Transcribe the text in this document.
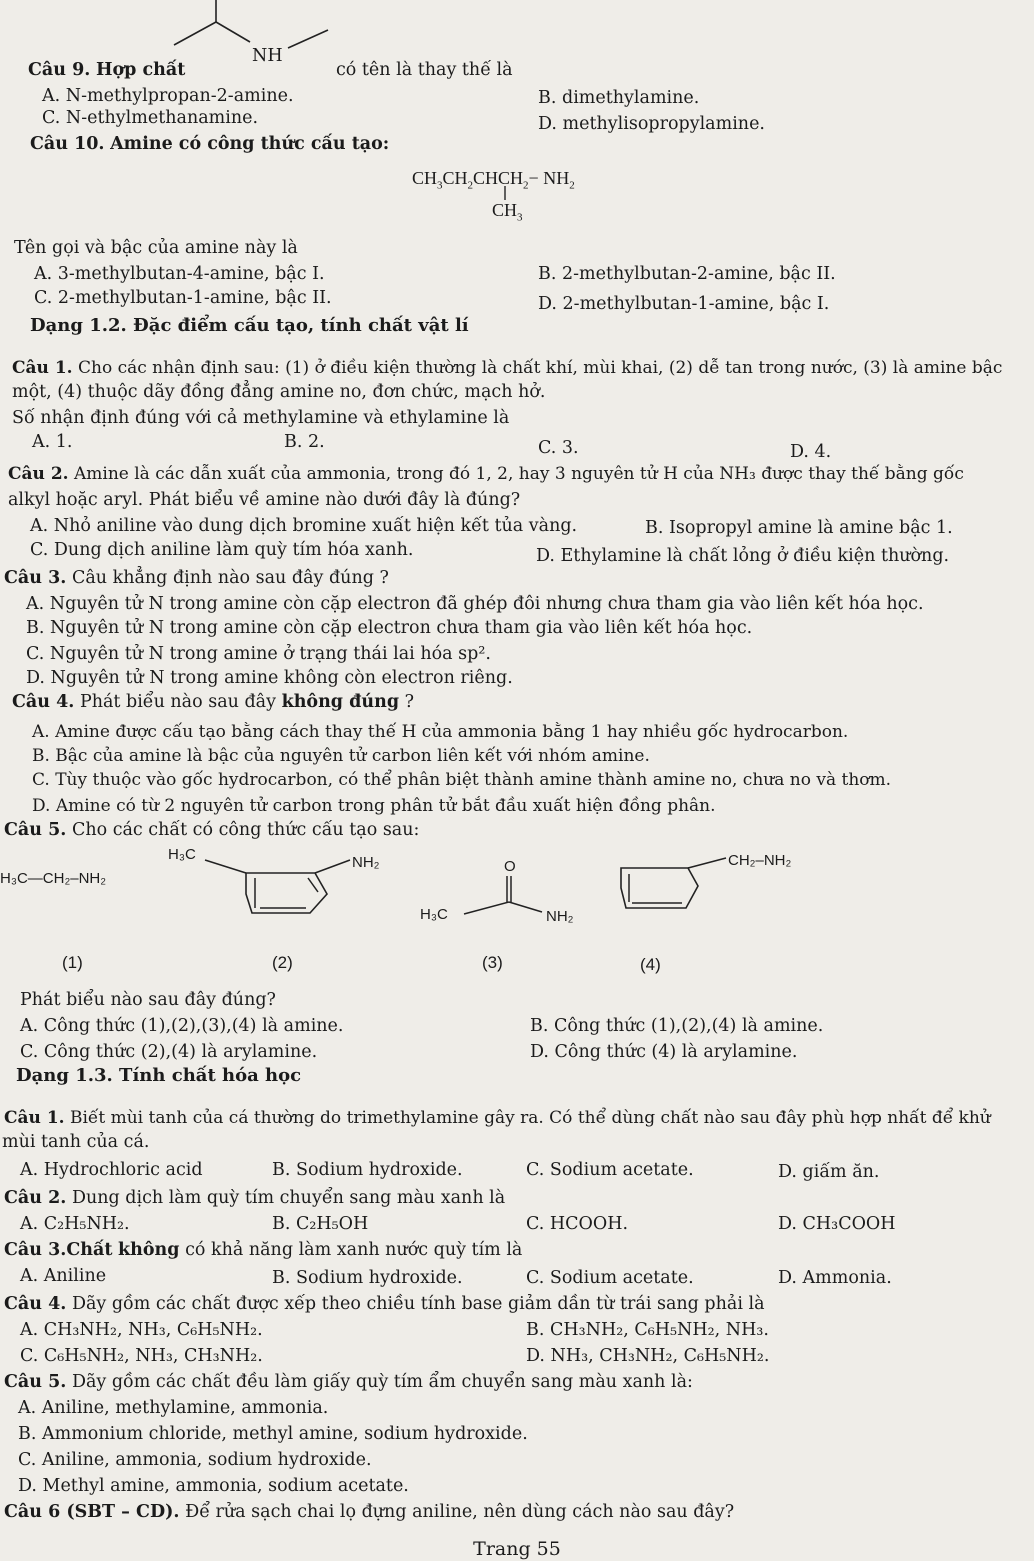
NH
Câu 9. Hợp chất	có tên là thay thế là
A. N-methylpropan-2-amine.	B. dimethylamine.
C. N-ethylmethanamine.	D. methylisopropylamine.
Câu 10. Amine có công thức cấu tạo:
$CH_3CH_2CHCH_2- NH_2$
$CH_3$
Tên gọi và bậc của amine này là
A. 3-methylbutan-4-amine, bậc I.	B. 2-methylbutan-2-amine, bậc II.
C. 2-methylbutan-1-amine, bậc II.	D. 2-methylbutan-1-amine, bậc I.
Dạng 1.2. Đặc điểm cấu tạo, tính chất vật lí
Câu 1. Cho các nhận định sau: (1) ở điều kiện thường là chất khí, mùi khai, (2) dễ tan trong nước, (3) là amine bậc
một, (4) thuộc dãy đồng đẳng amine no, đơn chức, mạch hở.
Số nhận định đúng với cả methylamine và ethylamine là
A. 1.	B. 2.	C. 3.	D. 4.
Câu 2. Amine là các dẫn xuất của ammonia, trong đó 1, 2, hay 3 nguyên tử H của NH₃ được thay thế bằng gốc
alkyl hoặc aryl. Phát biểu về amine nào dưới đây là đúng?
A. Nhỏ aniline vào dung dịch bromine xuất hiện kết tủa vàng.	B. Isopropyl amine là amine bậc 1.
C. Dung dịch aniline làm quỳ tím hóa xanh.	D. Ethylamine là chất lỏng ở điều kiện thường.
Câu 3. Câu khẳng định nào sau đây đúng ?
A. Nguyên tử N trong amine còn cặp electron đã ghép đôi nhưng chưa tham gia vào liên kết hóa học.
B. Nguyên tử N trong amine còn cặp electron chưa tham gia vào liên kết hóa học.
C. Nguyên tử N trong amine ở trạng thái lai hóa sp².
D. Nguyên tử N trong amine không còn electron riêng.
Câu 4. Phát biểu nào sau đây không đúng ?
A. Amine được cấu tạo bằng cách thay thế H của ammonia bằng 1 hay nhiều gốc hydrocarbon.
B. Bậc của amine là bậc của nguyên tử carbon liên kết với nhóm amine.
C. Tùy thuộc vào gốc hydrocarbon, có thể phân biệt thành amine thành amine no, chưa no và thơm.
D. Amine có từ 2 nguyên tử carbon trong phân tử bắt đầu xuất hiện đồng phân.
Câu 5. Cho các chất có công thức cấu tạo sau:
H₃C—CH₂–NH₂
H₃C	NH₂	O
H₃C	NH₂
CH₂–NH₂
(1)	(2)	(3)	(4)
Phát biểu nào sau đây đúng?
A. Công thức (1),(2),(3),(4) là amine.	B. Công thức (1),(2),(4) là amine.
C. Công thức (2),(4) là arylamine.	D. Công thức (4) là arylamine.
Dạng 1.3. Tính chất hóa học
Câu 1. Biết mùi tanh của cá thường do trimethylamine gây ra. Có thể dùng chất nào sau đây phù hợp nhất để khử
mùi tanh của cá.
A. Hydrochloric acid	B. Sodium hydroxide.	C. Sodium acetate.	D. giấm ăn.
Câu 2. Dung dịch làm quỳ tím chuyển sang màu xanh là
A. C₂H₅NH₂.	B. C₂H₅OH	C. HCOOH.	D. CH₃COOH
Câu 3.Chất không có khả năng làm xanh nước quỳ tím là
A. Aniline	B. Sodium hydroxide.	C. Sodium acetate.	D. Ammonia.
Câu 4. Dãy gồm các chất được xếp theo chiều tính base giảm dần từ trái sang phải là
A. CH₃NH₂, NH₃, C₆H₅NH₂.	B. CH₃NH₂, C₆H₅NH₂, NH₃.
C. C₆H₅NH₂, NH₃, CH₃NH₂.	D. NH₃, CH₃NH₂, C₆H₅NH₂.
Câu 5. Dãy gồm các chất đều làm giấy quỳ tím ẩm chuyển sang màu xanh là:
A. Aniline, methylamine, ammonia.
B. Ammonium chloride, methyl amine, sodium hydroxide.
C. Aniline, ammonia, sodium hydroxide.
D. Methyl amine, ammonia, sodium acetate.
Câu 6 (SBT – CD). Để rửa sạch chai lọ đựng aniline, nên dùng cách nào sau đây?
Trang 55
